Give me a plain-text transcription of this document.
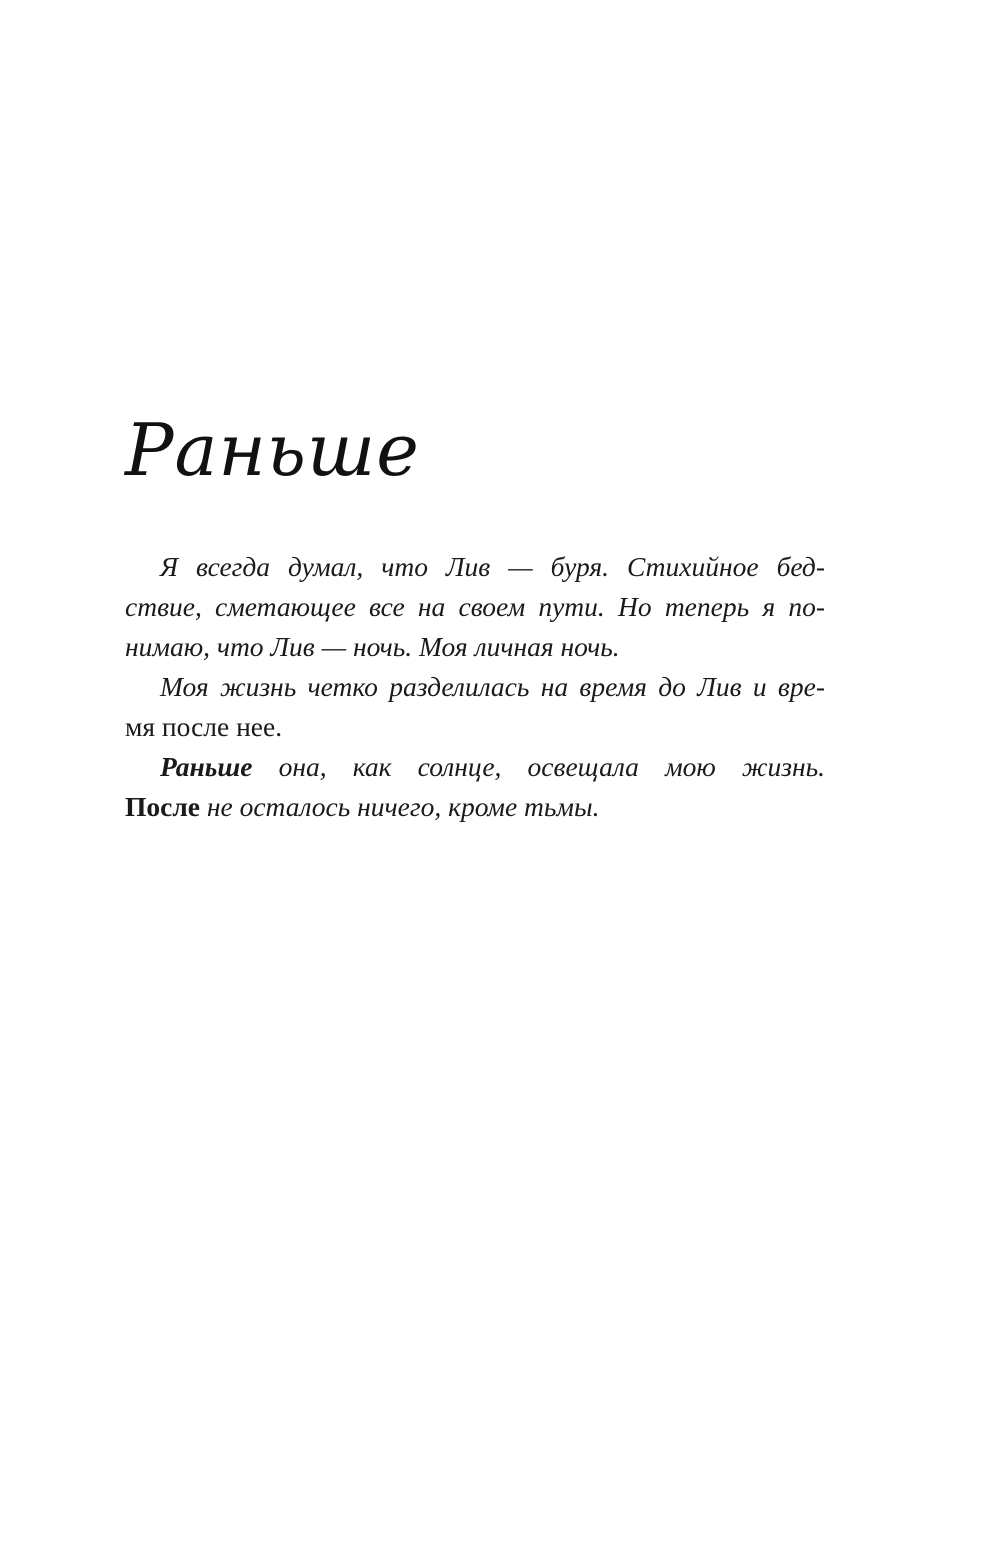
Раньше
Я всегда думал, что Лив — буря. Стихийное бед-
ствие, сметающее все на своем пути. Но теперь я по-
нимаю, что Лив — ночь. Моя личная ночь.
Моя жизнь четко разделилась на время до Лив и вре-
мя после нее.
Раньше она, как солнце, освещала мою жизнь.
После не осталось ничего, кроме тьмы.
